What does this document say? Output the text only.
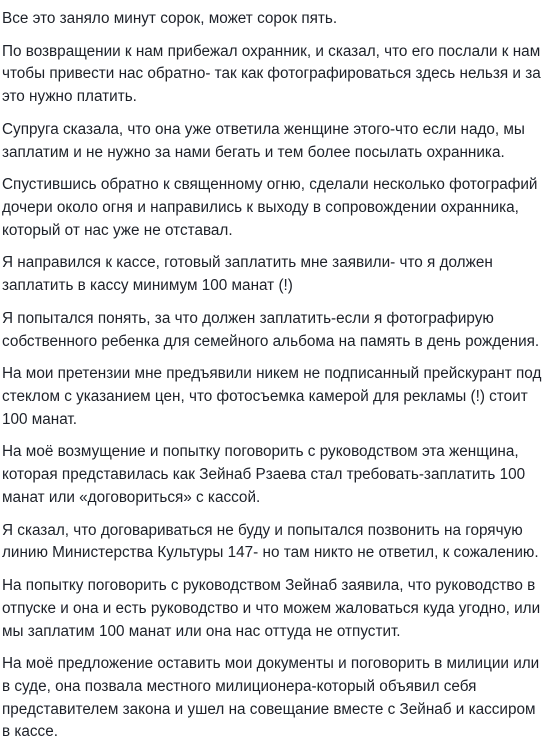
Все это заняло минут сорок, может сорок пять.

По возвращении к нам прибежал охранник, и сказал, что его послали к нам чтобы привести нас обратно- так как фотографироваться здесь нельзя и за это нужно платить.

Супруга сказала, что она уже ответила женщине этого-что если надо, мы заплатим и не нужно за нами бегать и тем более посылать охранника.

Спустившись обратно к священному огню, сделали несколько фотографий дочери около огня и направились к выходу в сопровождении охранника, который от нас уже не отставал.

Я направился к кассе, готовый заплатить мне заявили- что я должен заплатить в кассу минимум 100 манат (!)

Я попытался понять, за что должен заплатить-если я фотографирую собственного ребенка для семейного альбома на память в день рождения.

На мои претензии мне предъявили никем не подписанный прейскурант под стеклом с указанием цен, что фотосъемка камерой для рекламы (!) стоит 100 манат.

На моё возмущение и попытку поговорить с руководством эта женщина, которая представилась как Зейнаб Рзаева стал требовать-заплатить 100 манат или «договориться» с кассой.

Я сказал, что договариваться не буду и попытался позвонить на горячую линию Министерства Культуры 147- но там никто не ответил, к сожалению.

На попытку поговорить с руководством Зейнаб заявила, что руководство в отпуске и она и есть руководство и что можем жаловаться куда угодно, или мы заплатим 100 манат или она нас оттуда не отпустит.

На моё предложение оставить мои документы и поговорить в милиции или в суде, она позвала местного милиционера-который объявил себя представителем закона и ушел на совещание вместе с Зейнаб и кассиром в кассе.
